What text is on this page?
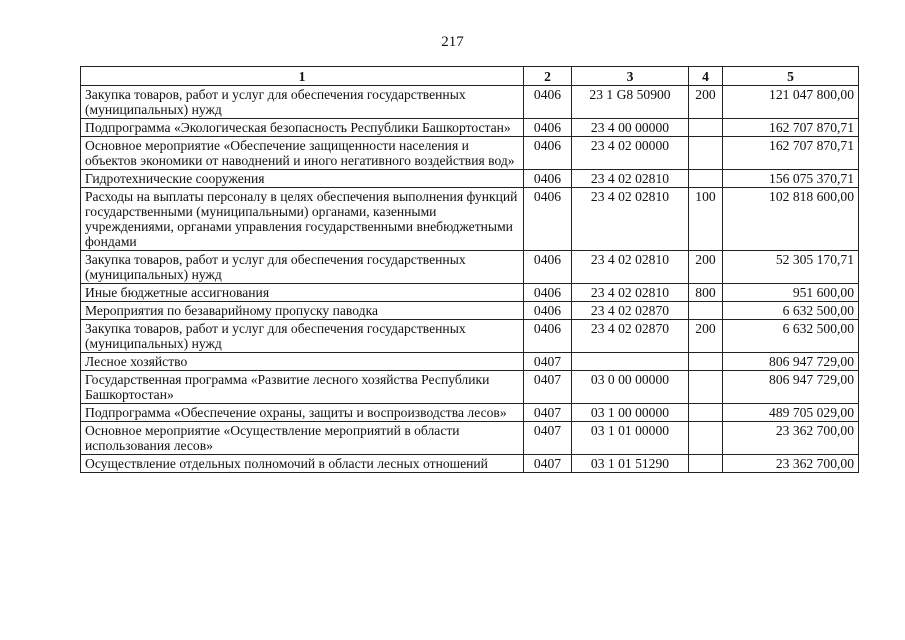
217
1	2	3	4	5
Закупка товаров, работ и услуг для обеспечения государственных (муниципальных) нужд	0406	23 1 G8 50900	200	121 047 800,00
Подпрограмма «Экологическая безопасность Республики Башкортостан»	0406	23 4 00 00000		162 707 870,71
Основное мероприятие «Обеспечение защищенности населения и объектов экономики от наводнений и иного негативного воздействия вод»	0406	23 4 02 00000		162 707 870,71
Гидротехнические сооружения	0406	23 4 02 02810		156 075 370,71
Расходы на выплаты персоналу в целях обеспечения выполнения функций государственными (муниципальными) органами, казенными учреждениями, органами управления государственными внебюджетными фондами	0406	23 4 02 02810	100	102 818 600,00
Закупка товаров, работ и услуг для обеспечения государственных (муниципальных) нужд	0406	23 4 02 02810	200	52 305 170,71
Иные бюджетные ассигнования	0406	23 4 02 02810	800	951 600,00
Мероприятия по безаварийному пропуску паводка	0406	23 4 02 02870		6 632 500,00
Закупка товаров, работ и услуг для обеспечения государственных (муниципальных) нужд	0406	23 4 02 02870	200	6 632 500,00
Лесное хозяйство	0407			806 947 729,00
Государственная программа «Развитие лесного хозяйства Республики Башкортостан»	0407	03 0 00 00000		806 947 729,00
Подпрограмма «Обеспечение охраны, защиты и воспроизводства лесов»	0407	03 1 00 00000		489 705 029,00
Основное мероприятие «Осуществление мероприятий в области использования лесов»	0407	03 1 01 00000		23 362 700,00
Осуществление отдельных полномочий в области лесных отношений	0407	03 1 01 51290		23 362 700,00
